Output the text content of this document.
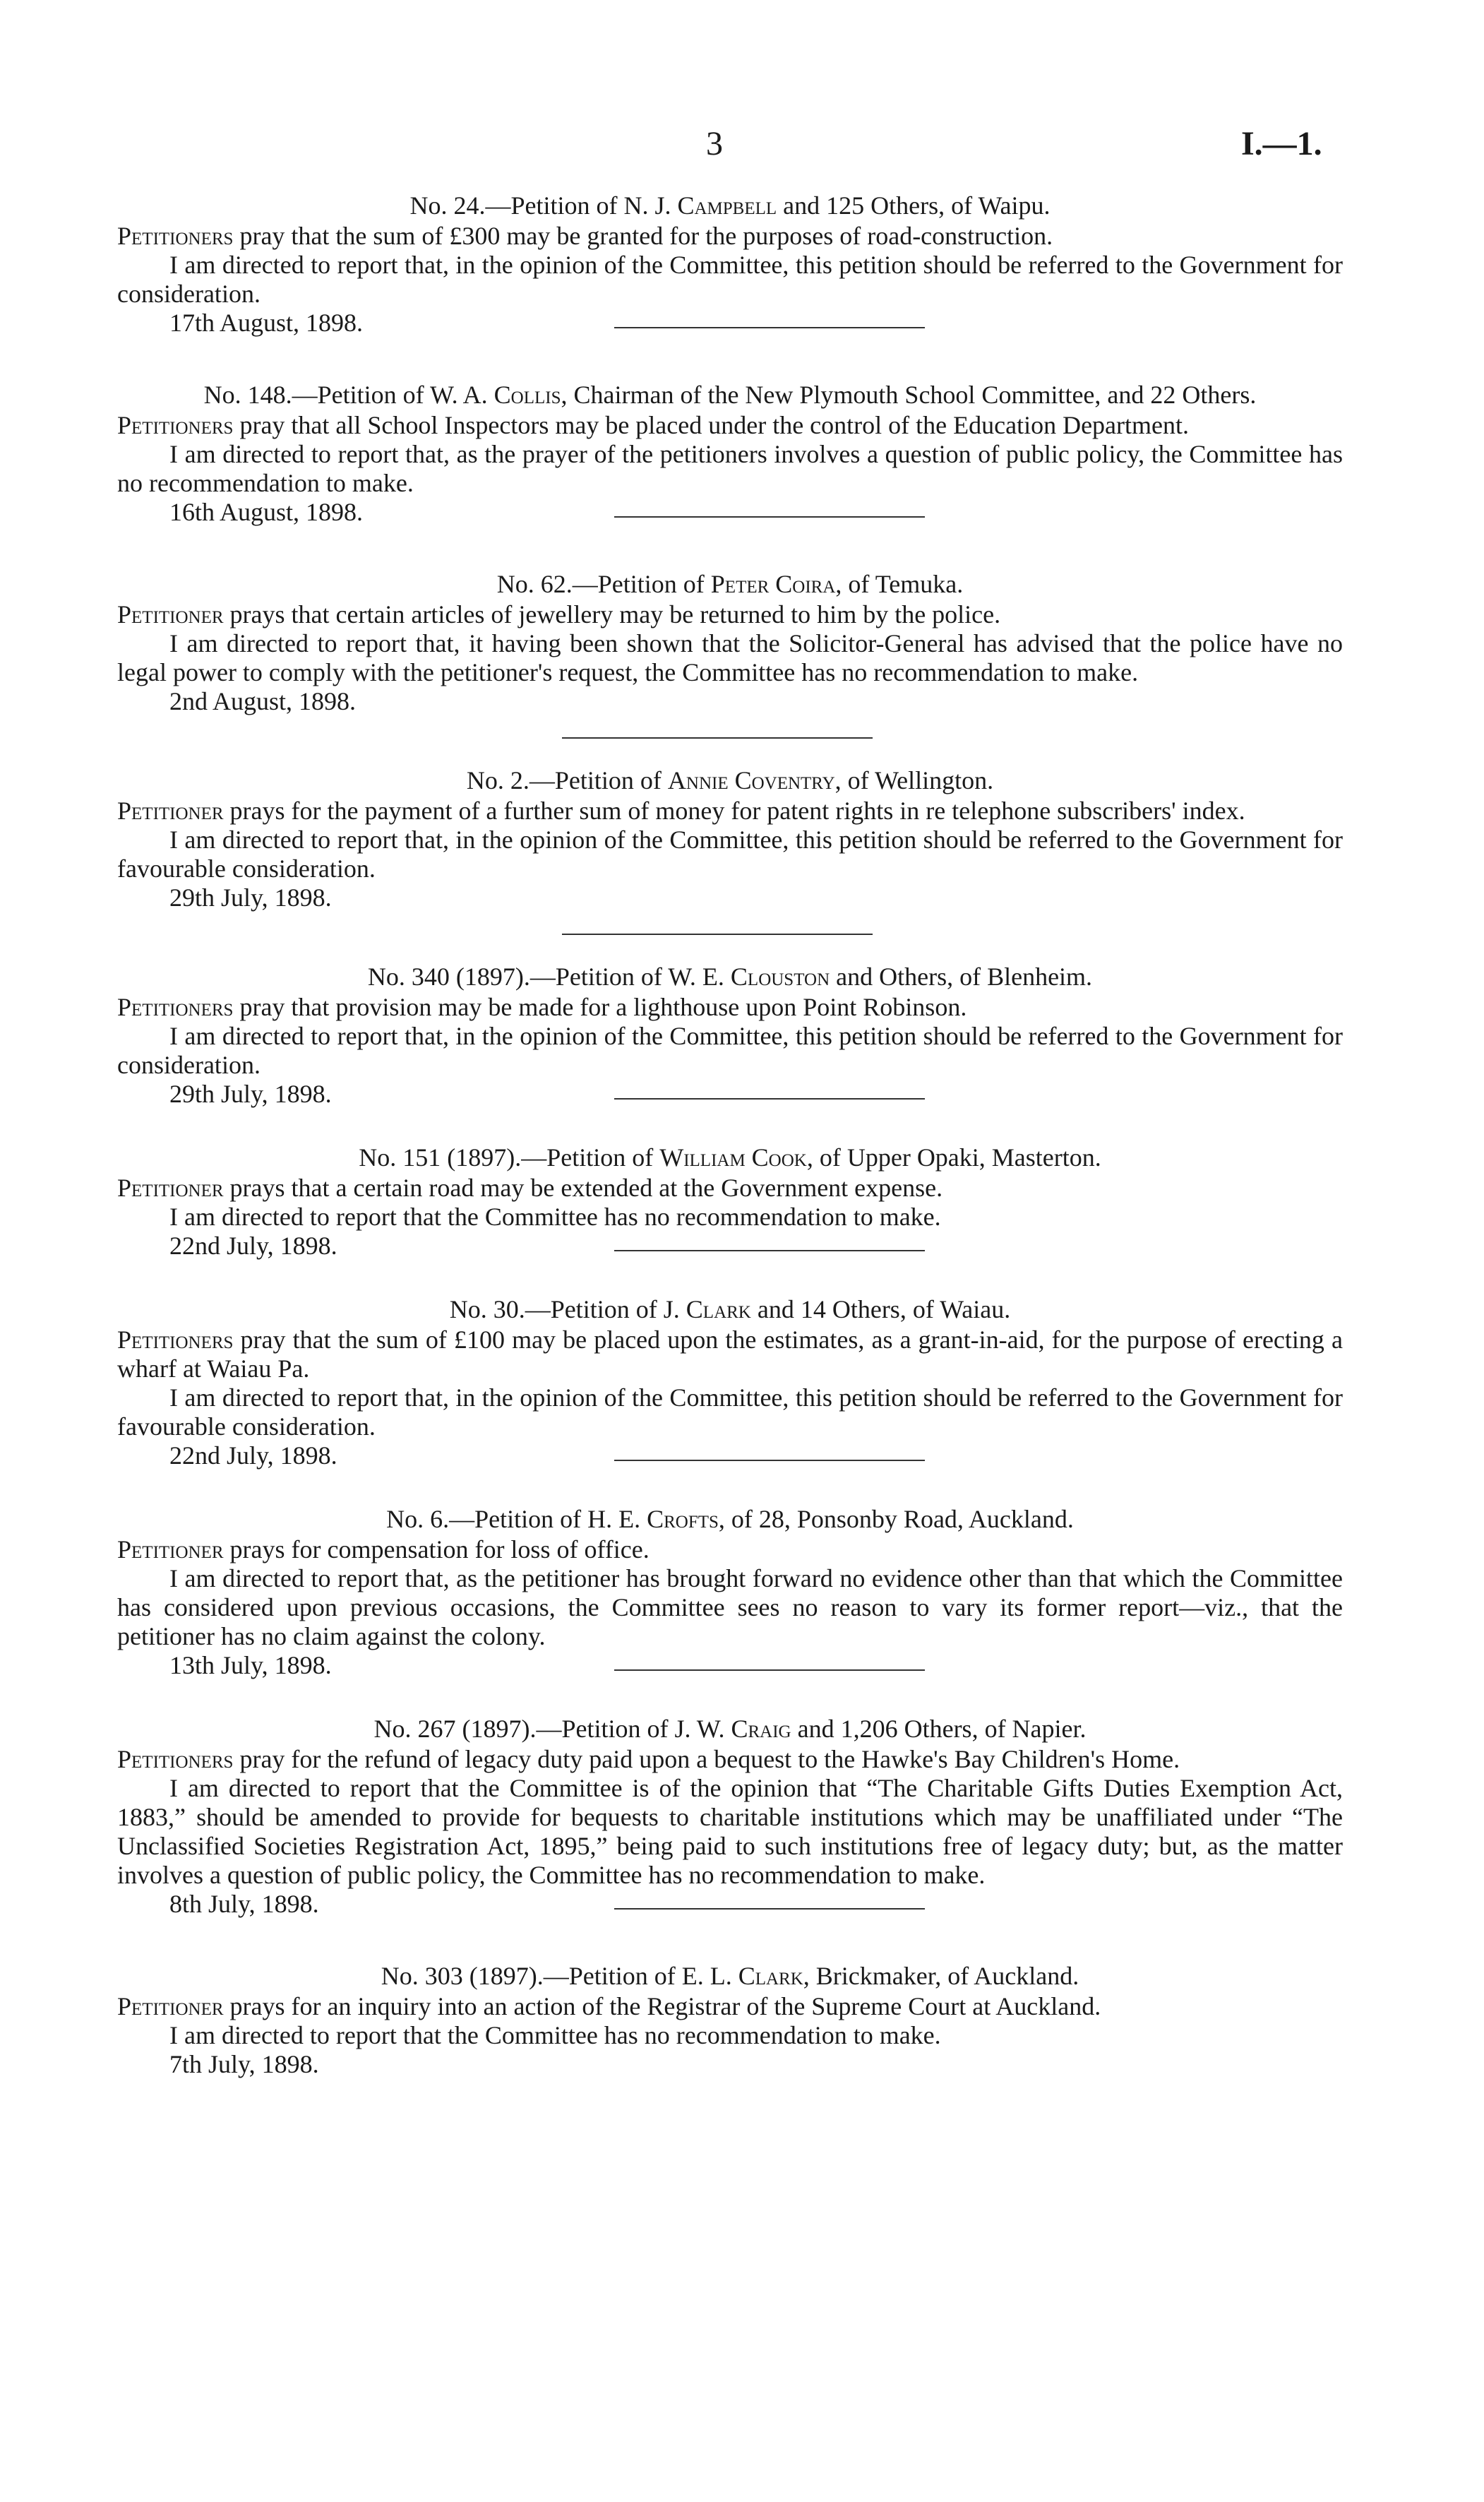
3	I.—1.

No. 24.—Petition of N. J. Campbell and 125 Others, of Waipu.

Petitioners pray that the sum of £300 may be granted for the purposes of road-construction.

I am directed to report that, in the opinion of the Committee, this petition should be referred to the Government for consideration.

17th August, 1898.

No. 148.—Petition of W. A. Collis, Chairman of the New Plymouth School Committee, and 22 Others.

Petitioners pray that all School Inspectors may be placed under the control of the Education Department.

I am directed to report that, as the prayer of the petitioners involves a question of public policy, the Committee has no recommendation to make.

16th August, 1898.

No. 62.—Petition of Peter Coira, of Temuka.

Petitioner prays that certain articles of jewellery may be returned to him by the police.

I am directed to report that, it having been shown that the Solicitor-General has advised that the police have no legal power to comply with the petitioner's request, the Committee has no recommendation to make.

2nd August, 1898.

No. 2.—Petition of Annie Coventry, of Wellington.

Petitioner prays for the payment of a further sum of money for patent rights in re telephone subscribers' index.

I am directed to report that, in the opinion of the Committee, this petition should be referred to the Government for favourable consideration.

29th July, 1898.

No. 340 (1897).—Petition of W. E. Clouston and Others, of Blenheim.

Petitioners pray that provision may be made for a lighthouse upon Point Robinson.

I am directed to report that, in the opinion of the Committee, this petition should be referred to the Government for consideration.

29th July, 1898.

No. 151 (1897).—Petition of William Cook, of Upper Opaki, Masterton.

Petitioner prays that a certain road may be extended at the Government expense.

I am directed to report that the Committee has no recommendation to make.

22nd July, 1898.

No. 30.—Petition of J. Clark and 14 Others, of Waiau.

Petitioners pray that the sum of £100 may be placed upon the estimates, as a grant-in-aid, for the purpose of erecting a wharf at Waiau Pa.

I am directed to report that, in the opinion of the Committee, this petition should be referred to the Government for favourable consideration.

22nd July, 1898.

No. 6.—Petition of H. E. Crofts, of 28, Ponsonby Road, Auckland.

Petitioner prays for compensation for loss of office.

I am directed to report that, as the petitioner has brought forward no evidence other than that which the Committee has considered upon previous occasions, the Committee sees no reason to vary its former report—viz., that the petitioner has no claim against the colony.

13th July, 1898.

No. 267 (1897).—Petition of J. W. Craig and 1,206 Others, of Napier.

Petitioners pray for the refund of legacy duty paid upon a bequest to the Hawke's Bay Children's Home.

I am directed to report that the Committee is of the opinion that “The Charitable Gifts Duties Exemption Act, 1883,” should be amended to provide for bequests to charitable institutions which may be unaffiliated under “The Unclassified Societies Registration Act, 1895,” being paid to such institutions free of legacy duty; but, as the matter involves a question of public policy, the Committee has no recommendation to make.

8th July, 1898.

No. 303 (1897).—Petition of E. L. Clark, Brickmaker, of Auckland.

Petitioner prays for an inquiry into an action of the Registrar of the Supreme Court at Auckland.

I am directed to report that the Committee has no recommendation to make.

7th July, 1898.
